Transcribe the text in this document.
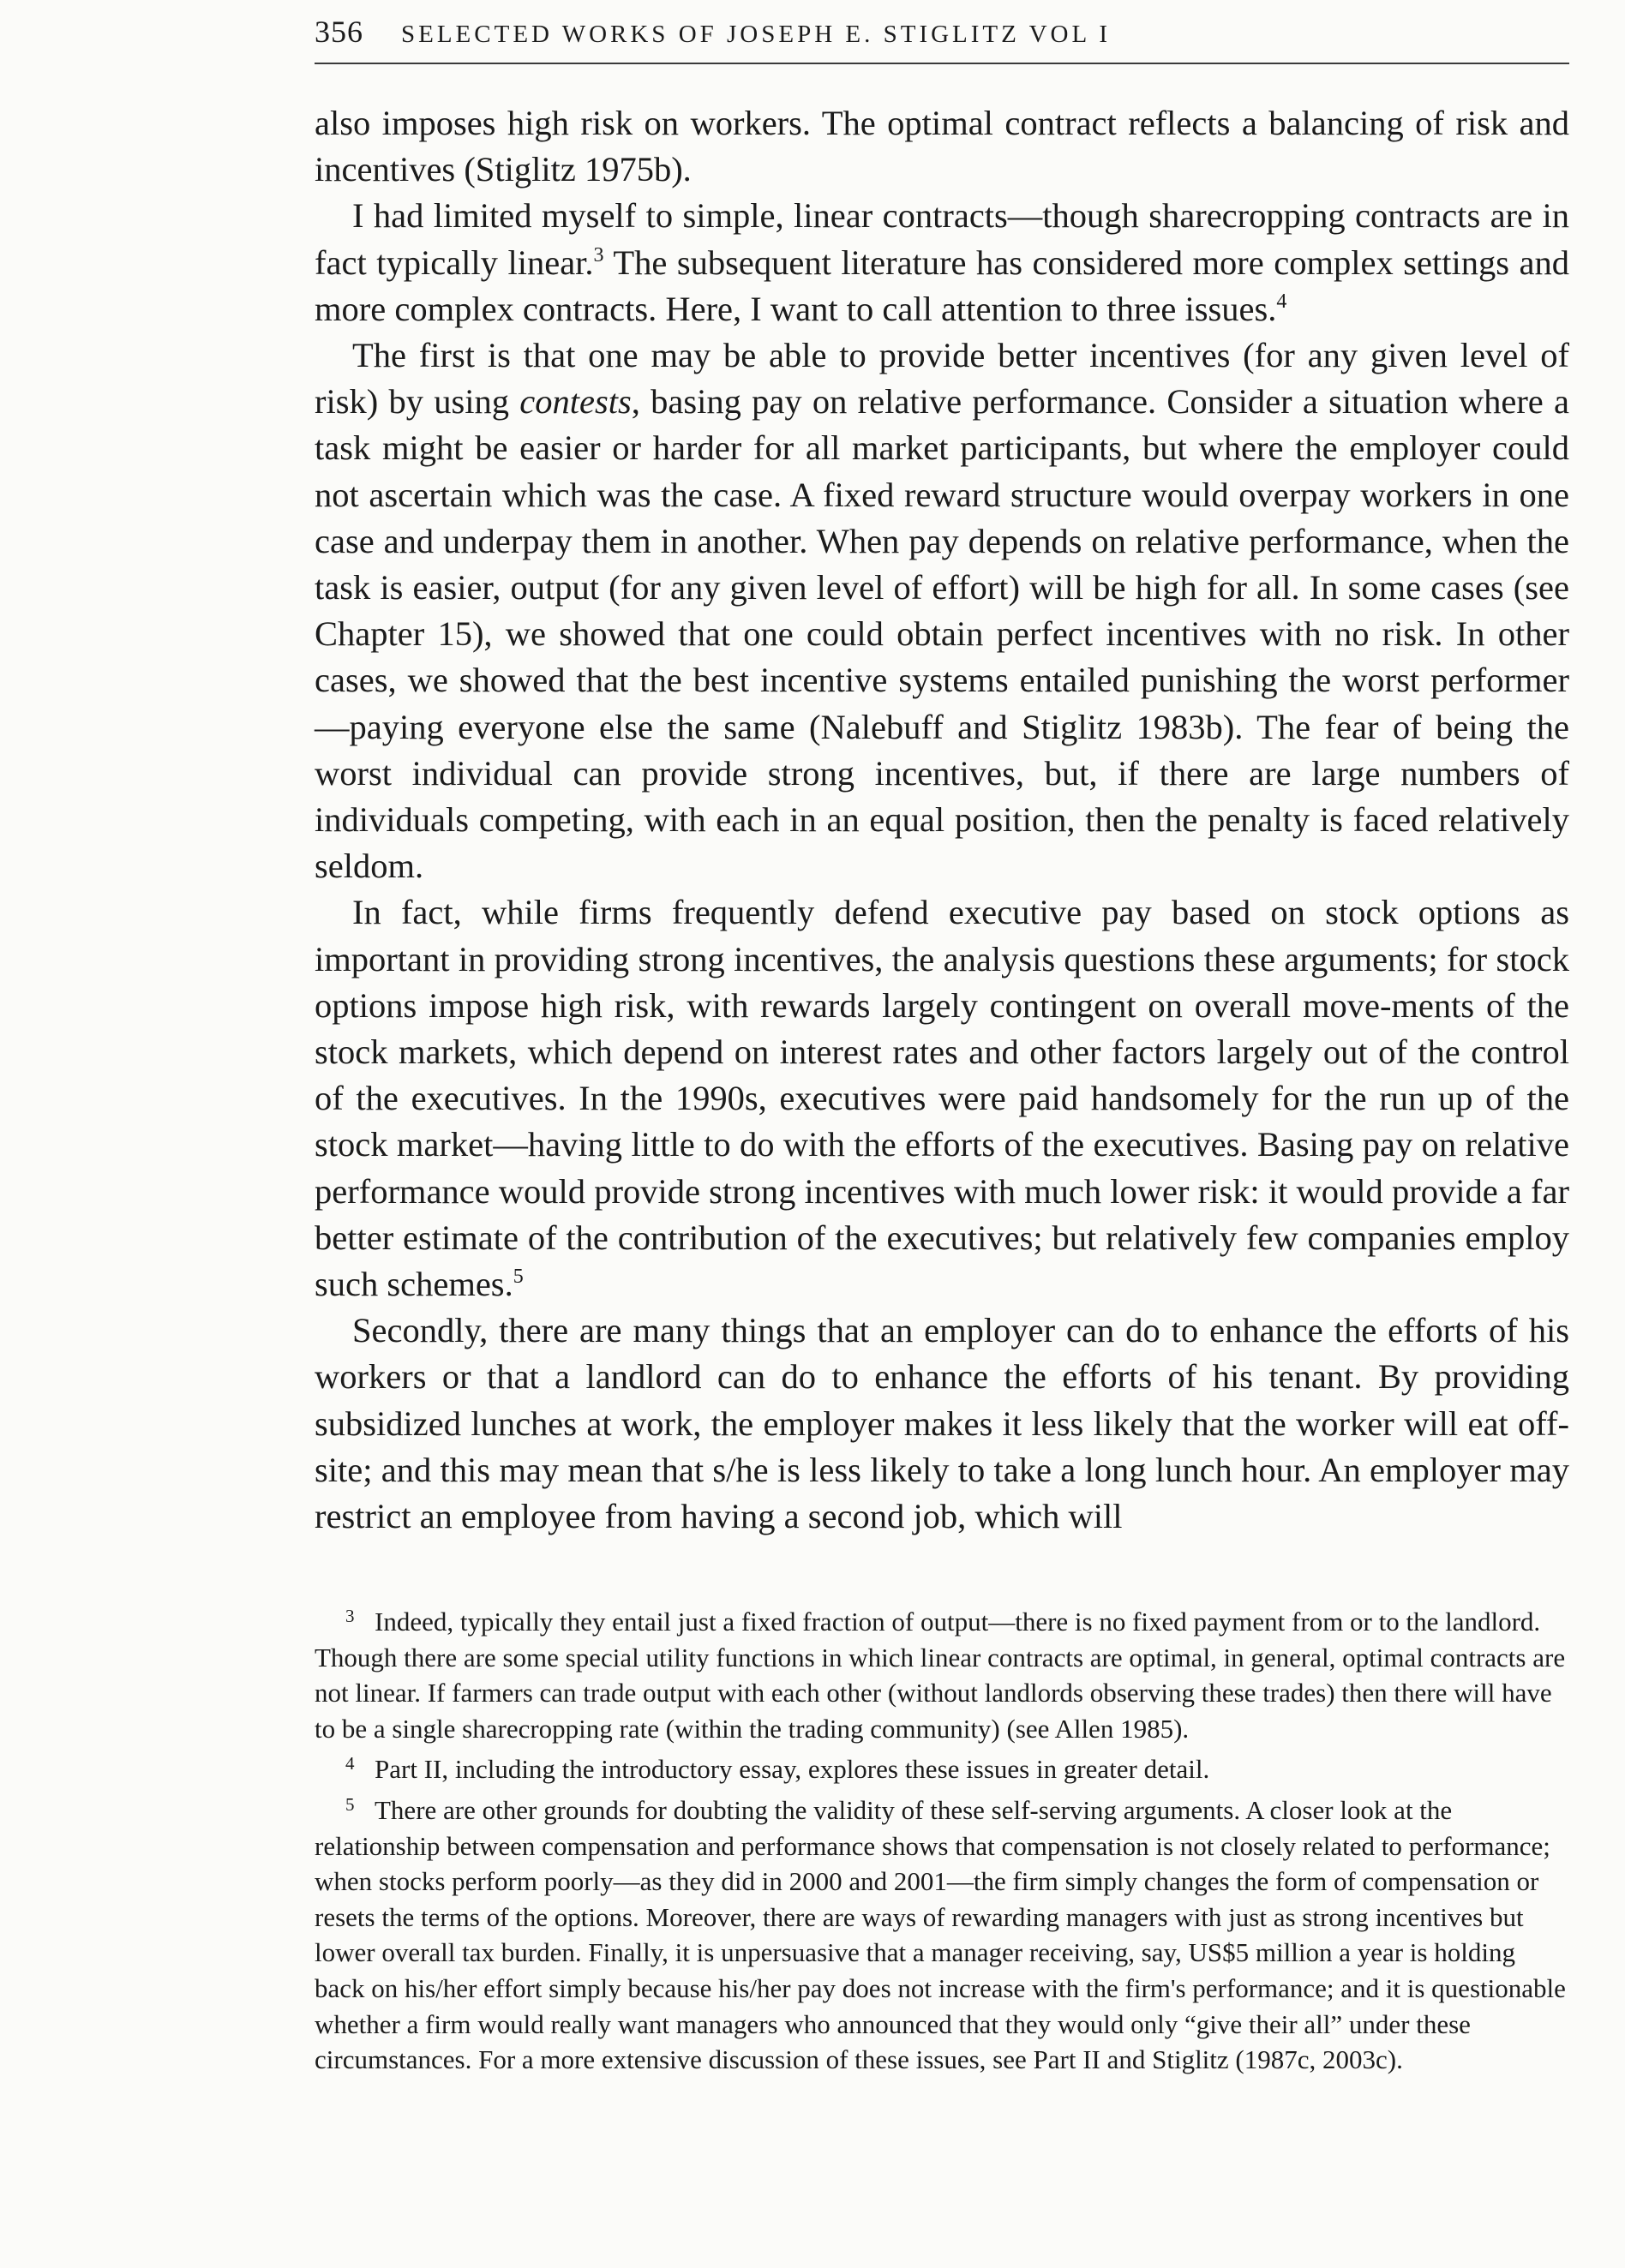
356 SELECTED WORKS OF JOSEPH E. STIGLITZ VOL I

also imposes high risk on workers. The optimal contract reflects a balancing of risk and incentives (Stiglitz 1975b).

I had limited myself to simple, linear contracts—though sharecropping contracts are in fact typically linear.$^3$ The subsequent literature has considered more complex settings and more complex contracts. Here, I want to call attention to three issues.$^4$

The first is that one may be able to provide better incentives (for any given level of risk) by using contests, basing pay on relative performance. Consider a situation where a task might be easier or harder for all market participants, but where the employer could not ascertain which was the case. A fixed reward structure would overpay workers in one case and underpay them in another. When pay depends on relative performance, when the task is easier, output (for any given level of effort) will be high for all. In some cases (see Chapter 15), we showed that one could obtain perfect incentives with no risk. In other cases, we showed that the best incentive systems entailed punishing the worst performer—paying everyone else the same (Nalebuff and Stiglitz 1983b). The fear of being the worst individual can provide strong incentives, but, if there are large numbers of individuals competing, with each in an equal position, then the penalty is faced relatively seldom.

In fact, while firms frequently defend executive pay based on stock options as important in providing strong incentives, the analysis questions these arguments; for stock options impose high risk, with rewards largely contingent on overall move-ments of the stock markets, which depend on interest rates and other factors largely out of the control of the executives. In the 1990s, executives were paid handsomely for the run up of the stock market—having little to do with the efforts of the executives. Basing pay on relative performance would provide strong incentives with much lower risk: it would provide a far better estimate of the contribution of the executives; but relatively few companies employ such schemes.$^5$

Secondly, there are many things that an employer can do to enhance the efforts of his workers or that a landlord can do to enhance the efforts of his tenant. By providing subsidized lunches at work, the employer makes it less likely that the worker will eat off-site; and this may mean that s/he is less likely to take a long lunch hour. An employer may restrict an employee from having a second job, which will

3 Indeed, typically they entail just a fixed fraction of output—there is no fixed payment from or to the landlord. Though there are some special utility functions in which linear contracts are optimal, in general, optimal contracts are not linear. If farmers can trade output with each other (without landlords observing these trades) then there will have to be a single sharecropping rate (within the trading community) (see Allen 1985).

4 Part II, including the introductory essay, explores these issues in greater detail.

5 There are other grounds for doubting the validity of these self-serving arguments. A closer look at the relationship between compensation and performance shows that compensation is not closely related to performance; when stocks perform poorly—as they did in 2000 and 2001—the firm simply changes the form of compensation or resets the terms of the options. Moreover, there are ways of rewarding managers with just as strong incentives but lower overall tax burden. Finally, it is unpersuasive that a manager receiving, say, US$5 million a year is holding back on his/her effort simply because his/her pay does not increase with the firm's performance; and it is questionable whether a firm would really want managers who announced that they would only “give their all” under these circumstances. For a more extensive discussion of these issues, see Part II and Stiglitz (1987c, 2003c).
